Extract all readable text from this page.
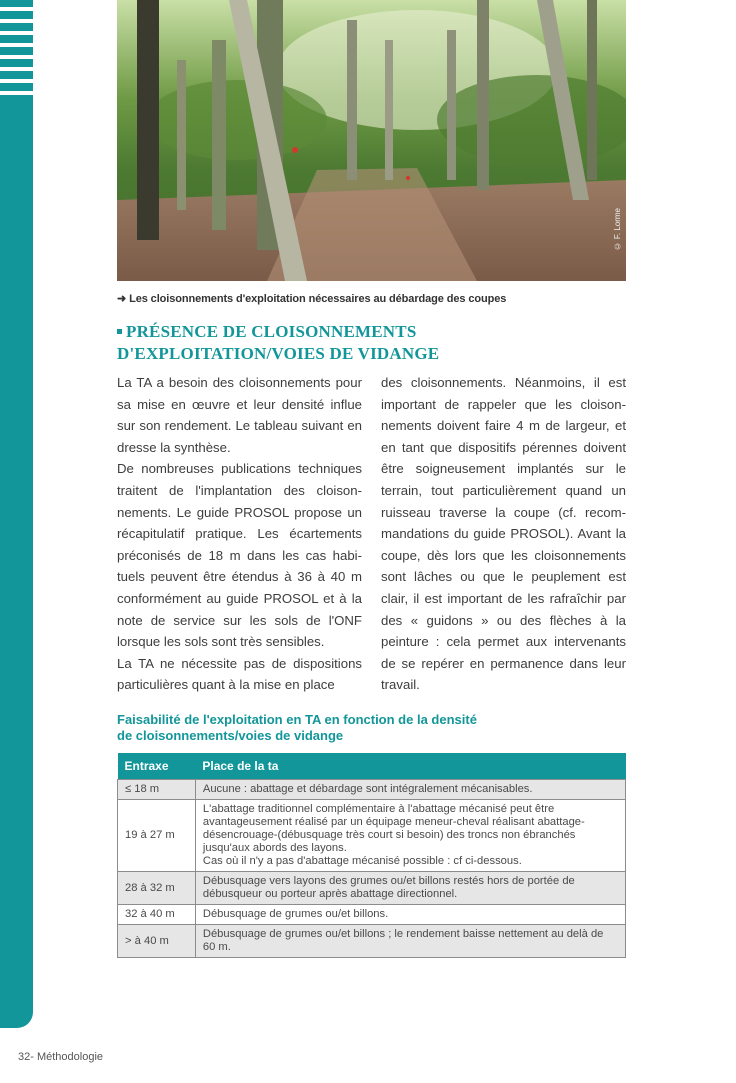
© F. Lorme
➜ Les cloisonnements d'exploitation nécessaires au débardage des coupes
PRÉSENCE DE CLOISONNEMENTS D'EXPLOITATION/VOIES DE VIDANGE

La TA a besoin des cloisonnements pour sa mise en œuvre et leur densité influe sur son rendement. Le tableau suivant en dresse la synthèse.

De nombreuses publications techniques traitent de l'implantation des cloison-nements. Le guide PROSOL propose un récapitulatif pratique. Les écartements préconisés de 18 m dans les cas habi-tuels peuvent être étendus à 36 à 40 m conformément au guide PROSOL et à la note de service sur les sols de l'ONF lorsque les sols sont très sensibles.

La TA ne nécessite pas de dispositions particulières quant à la mise en place

des cloisonnements. Néanmoins, il est important de rappeler que les cloison-nements doivent faire 4 m de largeur, et en tant que dispositifs pérennes doivent être soigneusement implantés sur le terrain, tout particulièrement quand un ruisseau traverse la coupe (cf. recom-mandations du guide PROSOL). Avant la coupe, dès lors que les cloisonnements sont lâches ou que le peuplement est clair, il est important de les rafraîchir par des « guidons » ou des flèches à la peinture : cela permet aux intervenants de se repérer en permanence dans leur travail.

Faisabilité de l'exploitation en TA en fonction de la densité
de cloisonnements/voies de vidange
Entraxe	Place de la ta
≤ 18 m	Aucune : abattage et débardage sont intégralement mécanisables.
19 à 27 m	L'abattage traditionnel complémentaire à l'abattage mécanisé peut être avantageusement réalisé par un équipage meneur-cheval réalisant abattage-désencrouage-(débusquage très court si besoin) des troncs non ébranchés jusqu'aux abords des layons.
Cas où il n'y a pas d'abattage mécanisé possible : cf ci-dessous.
28 à 32 m	Débusquage vers layons des grumes ou/et billons restés hors de portée de débusqueur ou porteur après abattage directionnel.
32 à 40 m	Débusquage de grumes ou/et billons.
> à 40 m	Débusquage de grumes ou/et billons ; le rendement baisse nettement au delà de 60 m.
32- Méthodologie
